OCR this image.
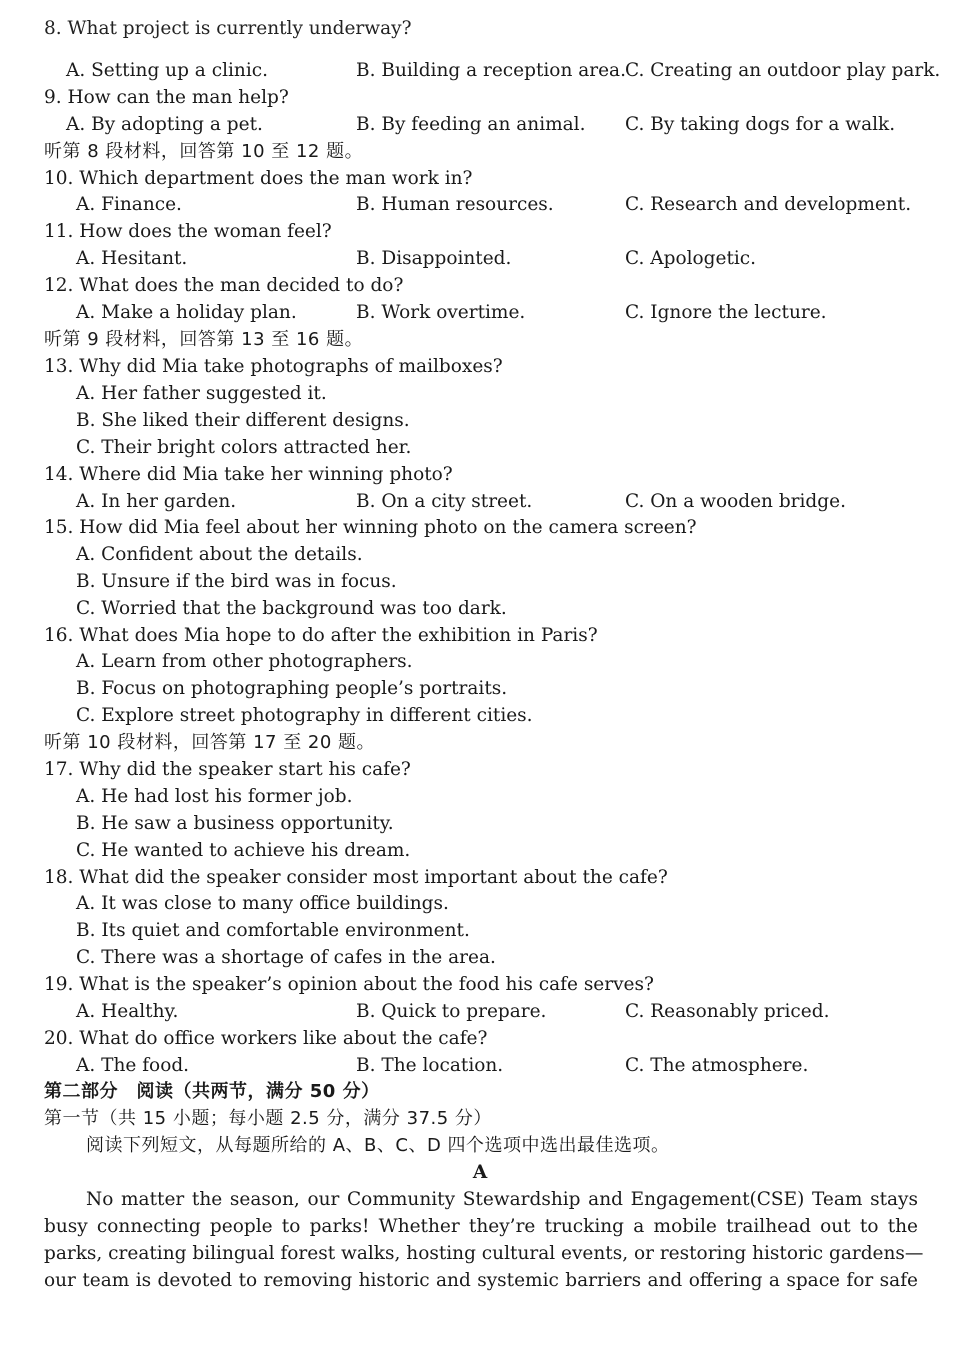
8. What project is currently underway?
A. Setting up a clinic.	B. Building a reception area. C. Creating an outdoor play park.
9. How can the man help?
A. By adopting a pet.	B. By feeding an animal. C. By taking dogs for a walk.
听第 8 段材料，回答第 10 至 12 题。
10. Which department does the man work in?
A. Finance.	B. Human resources.	C. Research and development.
11. How does the woman feel?
A. Hesitant.	B. Disappointed.	C. Apologetic.
12. What does the man decided to do?
A. Make a holiday plan.	B. Work overtime.	C. Ignore the lecture.
听第 9 段材料，回答第 13 至 16 题。
13. Why did Mia take photographs of mailboxes?
A. Her father suggested it.
B. She liked their different designs.
C. Their bright colors attracted her.
14. Where did Mia take her winning photo?
A. In her garden.	B. On a city street.	C. On a wooden bridge.
15. How did Mia feel about her winning photo on the camera screen?
A. Confident about the details.
B. Unsure if the bird was in focus.
C. Worried that the background was too dark.
16. What does Mia hope to do after the exhibition in Paris?
A. Learn from other photographers.
B. Focus on photographing people’s portraits.
C. Explore street photography in different cities.
听第 10 段材料，回答第 17 至 20 题。
17. Why did the speaker start his cafe?
A. He had lost his former job.
B. He saw a business opportunity.
C. He wanted to achieve his dream.
18. What did the speaker consider most important about the cafe?
A. It was close to many office buildings.
B. Its quiet and comfortable environment.
C. There was a shortage of cafes in the area.
19. What is the speaker’s opinion about the food his cafe serves?
A. Healthy.	B. Quick to prepare.	C. Reasonably priced.
20. What do office workers like about the cafe?
A. The food.	B. The location.	C. The atmosphere.
第二部分　阅读（共两节，满分 50 分）
第一节（共 15 小题；每小题 2.5 分，满分 37.5 分）
阅读下列短文，从每题所给的 A、B、C、D 四个选项中选出最佳选项。
A
No matter the season, our Community Stewardship and Engagement(CSE) Team stays
busy connecting people to parks! Whether they’re trucking a mobile trailhead out to the
parks, creating bilingual forest walks, hosting cultural events, or restoring historic gardens—
our team is devoted to removing historic and systemic barriers and offering a space for safe
